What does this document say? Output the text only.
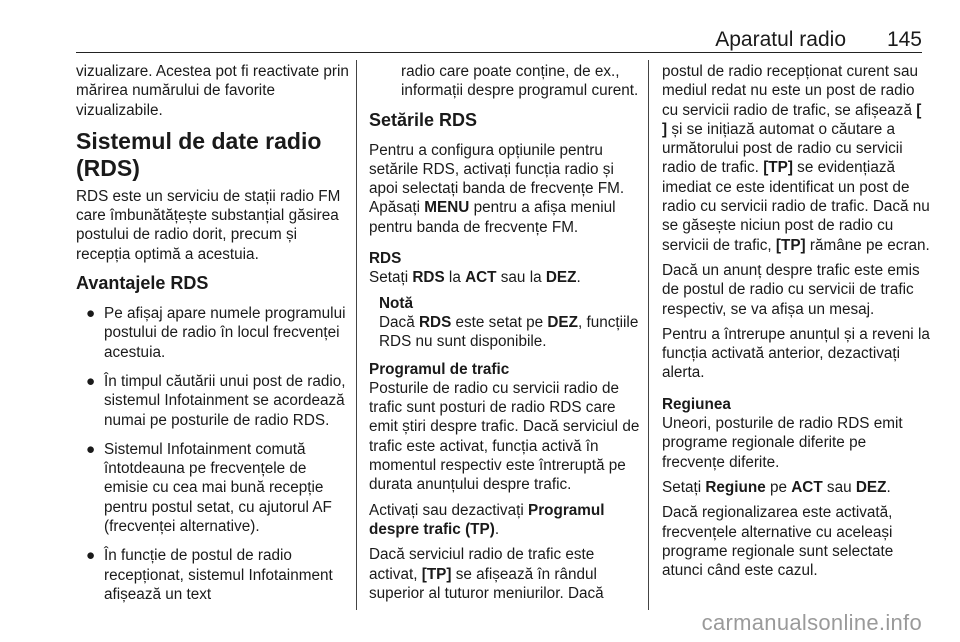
Aparatul radio 145

vizualizare. Acestea pot fi reactivate prin mărirea numărului de favorite vizualizabile.

Sistemul de date radio (RDS)

RDS este un serviciu de stații radio FM care îmbunătățește substanțial găsirea postului de radio dorit, precum și recepția optimă a acestuia.

Avantajele RDS
● Pe afișaj apare numele programului postului de radio în locul frecvenței acestuia.
● În timpul căutării unui post de radio, sistemul Infotainment se acordează numai pe posturile de radio RDS.
● Sistemul Infotainment comută întotdeauna pe frecvențele de emisie cu cea mai bună recepție pentru postul setat, cu ajutorul AF (frecvenței alternative).
● În funcție de postul de radio recepționat, sistemul Infotainment afișează un text

radio care poate conține, de ex., informații despre programul curent.

Setările RDS

Pentru a configura opțiunile pentru setările RDS, activați funcția radio și apoi selectați banda de frecvențe FM. Apăsați MENU pentru a afișa meniul pentru banda de frecvențe FM.

RDS

Setați RDS la ACT sau la DEZ.

Notă
Dacă RDS este setat pe DEZ, funcțiile RDS nu sunt disponibile.
Programul de trafic

Posturile de radio cu servicii radio de trafic sunt posturi de radio RDS care emit știri despre trafic. Dacă serviciul de trafic este activat, funcția activă în momentul respectiv este întreruptă pe durata anunțului despre trafic.

Activați sau dezactivați Programul despre trafic (TP).

Dacă serviciul radio de trafic este activat, [TP] se afișează în rândul superior al tuturor meniurilor. Dacă

postul de radio recepționat curent sau mediul redat nu este un post de radio cu servicii radio de trafic, se afișează [ ] și se inițiază automat o căutare a următorului post de radio cu servicii radio de trafic. [TP] se evidențiază imediat ce este identificat un post de radio cu servicii radio de trafic. Dacă nu se găsește niciun post de radio cu servicii de trafic, [TP] rămâne pe ecran.

Dacă un anunț despre trafic este emis de postul de radio cu servicii de trafic respectiv, se va afișa un mesaj.

Pentru a întrerupe anunțul și a reveni la funcția activată anterior, dezactivați alerta.

Regiunea

Uneori, posturile de radio RDS emit programe regionale diferite pe frecvențe diferite.

Setați Regiune pe ACT sau DEZ.

Dacă regionalizarea este activată, frecvențele alternative cu aceleași programe regionale sunt selectate atunci când este cazul.

carmanualsonline.info
